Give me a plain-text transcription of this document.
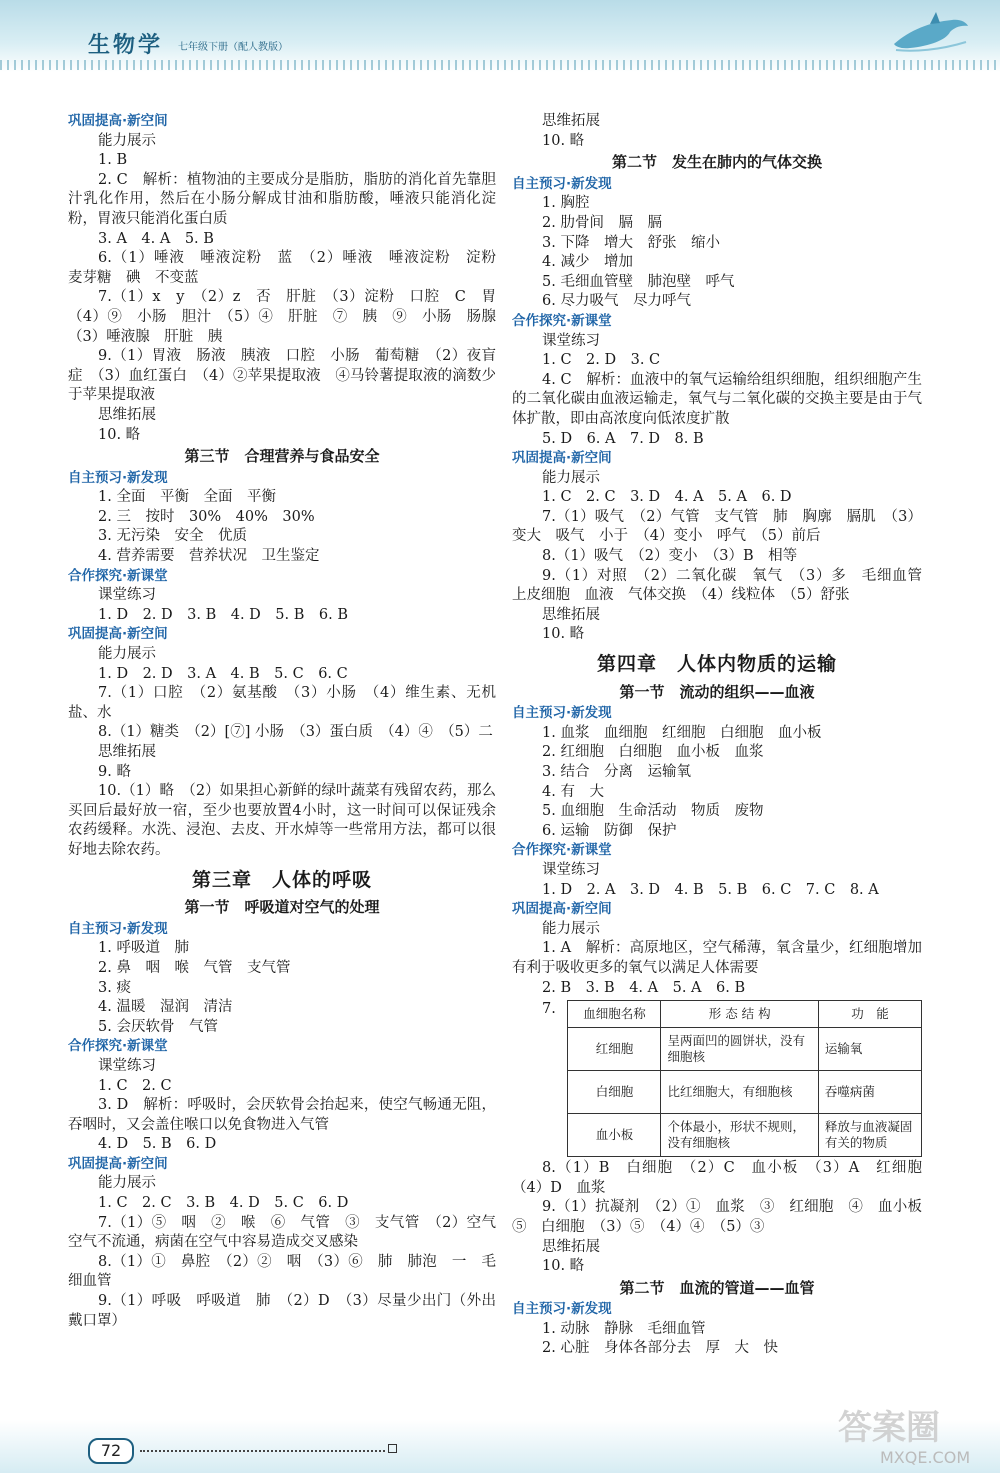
生物学 七年级下册（配人教版）
巩固提高·新空间
能力展示
1. B
2. C　解析：植物油的主要成分是脂肪，脂肪的消化首先靠胆汁乳化作用，然后在小肠分解成甘油和脂肪酸，唾液只能消化淀粉，胃液只能消化蛋白质
3. A　4. A　5. B
6.（1）唾液　唾液淀粉　蓝　（2）唾液　唾液淀粉　淀粉　麦芽糖　碘　不变蓝
7.（1）x　y　（2）z　否　肝脏　（3）淀粉　口腔　C　胃　（4）⑨　小肠　胆汁　（5）④　肝脏　⑦　胰　⑨　小肠　肠腺　（3）唾液腺　肝脏　胰
9.（1）胃液　肠液　胰液　口腔　小肠　葡萄糖　（2）夜盲症　（3）血红蛋白　（4）②苹果提取液　④马铃薯提取液的滴数少于苹果提取液
思维拓展
10. 略
第三节　合理营养与食品安全
自主预习·新发现
1. 全面　平衡　全面　平衡
2. 三　按时　30%　40%　30%
3. 无污染　安全　优质
4. 营养需要　营养状况　卫生鉴定
合作探究·新课堂
课堂练习
1. D　2. D　3. B　4. D　5. B　6. B
巩固提高·新空间
能力展示
1. D　2. D　3. A　4. B　5. C　6. C
7.（1）口腔　（2）氨基酸　（3）小肠　（4）维生素、无机盐、水
8.（1）糖类　（2）[⑦] 小肠　（3）蛋白质　（4）④　（5）二
思维拓展
9. 略
10.（1）略　（2）如果担心新鲜的绿叶蔬菜有残留农药，那么买回后最好放一宿，至少也要放置4小时，这一时间可以保证残余农药缓释。水洗、浸泡、去皮、开水焯等一些常用方法，都可以很好地去除农药。
第三章　人体的呼吸
第一节　呼吸道对空气的处理
自主预习·新发现
1. 呼吸道　肺
2. 鼻　咽　喉　气管　支气管
3. 痰
4. 温暖　湿润　清洁
5. 会厌软骨　气管
合作探究·新课堂
课堂练习
1. C　2. C
3. D　解析：呼吸时，会厌软骨会抬起来，使空气畅通无阻，吞咽时，又会盖住喉口以免食物进入气管
4. D　5. B　6. D
巩固提高·新空间
能力展示
1. C　2. C　3. B　4. D　5. C　6. D
7.（1）⑤　咽　②　喉　⑥　气管　③　支气管　（2）空气　空气不流通，病菌在空气中容易造成交叉感染
8.（1）①　鼻腔　（2）②　咽　（3）⑥　肺　肺泡　一　毛细血管
9.（1）呼吸　呼吸道　肺　（2）D　（3）尽量少出门（外出戴口罩）
思维拓展
10. 略
第二节　发生在肺内的气体交换
自主预习·新发现
1. 胸腔
2. 肋骨间　膈　膈
3. 下降　增大　舒张　缩小
4. 减少　增加
5. 毛细血管壁　肺泡壁　呼气
6. 尽力吸气　尽力呼气
合作探究·新课堂
课堂练习
1. C　2. D　3. C
4. C　解析：血液中的氧气运输给组织细胞，组织细胞产生的二氧化碳由血液运输走，氧气与二氧化碳的交换主要是由于气体扩散，即由高浓度向低浓度扩散
5. D　6. A　7. D　8. B
巩固提高·新空间
能力展示
1. C　2. C　3. D　4. A　5. A　6. D
7.（1）吸气　（2）气管　支气管　肺　胸廓　膈肌　（3）变大　吸气　小于　（4）变小　呼气　（5）前后
8.（1）吸气　（2）变小　（3）B　相等
9.（1）对照　（2）二氧化碳　氧气　（3）多　毛细血管　上皮细胞　血液　气体交换　（4）线粒体　（5）舒张
思维拓展
10. 略
第四章　人体内物质的运输
第一节　流动的组织——血液
自主预习·新发现
1. 血浆　血细胞　红细胞　白细胞　血小板
2. 红细胞　白细胞　血小板　血浆
3. 结合　分离　运输氧
4. 有　大
5. 血细胞　生命活动　物质　废物
6. 运输　防御　保护
合作探究·新课堂
课堂练习
1. D　2. A　3. D　4. B　5. B　6. C　7. C　8. A
巩固提高·新空间
能力展示
1. A　解析：高原地区，空气稀薄，氧含量少，红细胞增加有利于吸收更多的氧气以满足人体需要
2. B　3. B　4. A　5. A　6. B
7.	血细胞名称	形 态 结 构	功　能
红细胞	呈两面凹的圆饼状，没有细胞核	运输氧
白细胞	比红细胞大，有细胞核	吞噬病菌
血小板	个体最小，形状不规则，没有细胞核	释放与血液凝固有关的物质
8.（1）B　白细胞　（2）C　血小板　（3）A　红细胞　（4）D　血浆
9.（1）抗凝剂　（2）①　血浆　③　红细胞　④　血小板　⑤　白细胞　（3）⑤　（4）④　（5）③
思维拓展
10. 略
第二节　血流的管道——血管
自主预习·新发现
1. 动脉　静脉　毛细血管
2. 心脏　身体各部分去　厚　大　快
72
答案圈
MXQE.COM
